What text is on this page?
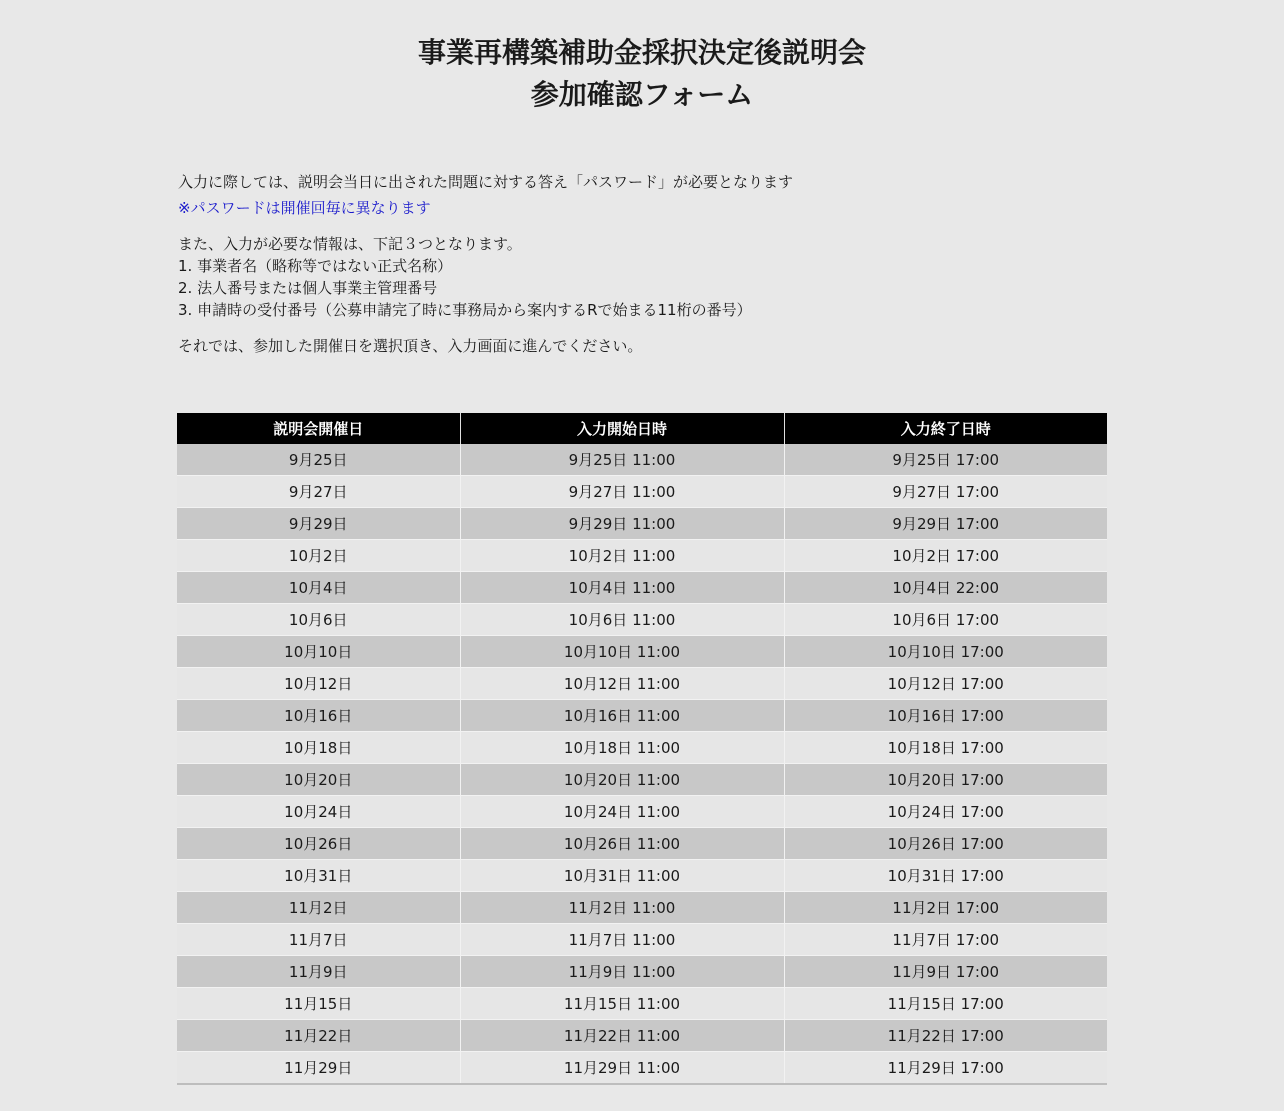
事業再構築補助金採択決定後説明会
参加確認フォーム

入力に際しては、説明会当日に出された問題に対する答え「パスワード」が必要となります

※パスワードは開催回毎に異なります

また、入力が必要な情報は、下記３つとなります。

1. 事業者名（略称等ではない正式名称）

2. 法人番号または個人事業主管理番号

3. 申請時の受付番号（公募申請完了時に事務局から案内するRで始まる11桁の番号）

それでは、参加した開催日を選択頂き、入力画面に進んでください。

説明会開催日	入力開始日時	入力終了日時
9月25日	9月25日 11:00	9月25日 17:00
9月27日	9月27日 11:00	9月27日 17:00
9月29日	9月29日 11:00	9月29日 17:00
10月2日	10月2日 11:00	10月2日 17:00
10月4日	10月4日 11:00	10月4日 22:00
10月6日	10月6日 11:00	10月6日 17:00
10月10日	10月10日 11:00	10月10日 17:00
10月12日	10月12日 11:00	10月12日 17:00
10月16日	10月16日 11:00	10月16日 17:00
10月18日	10月18日 11:00	10月18日 17:00
10月20日	10月20日 11:00	10月20日 17:00
10月24日	10月24日 11:00	10月24日 17:00
10月26日	10月26日 11:00	10月26日 17:00
10月31日	10月31日 11:00	10月31日 17:00
11月2日	11月2日 11:00	11月2日 17:00
11月7日	11月7日 11:00	11月7日 17:00
11月9日	11月9日 11:00	11月9日 17:00
11月15日	11月15日 11:00	11月15日 17:00
11月22日	11月22日 11:00	11月22日 17:00
11月29日	11月29日 11:00	11月29日 17:00
